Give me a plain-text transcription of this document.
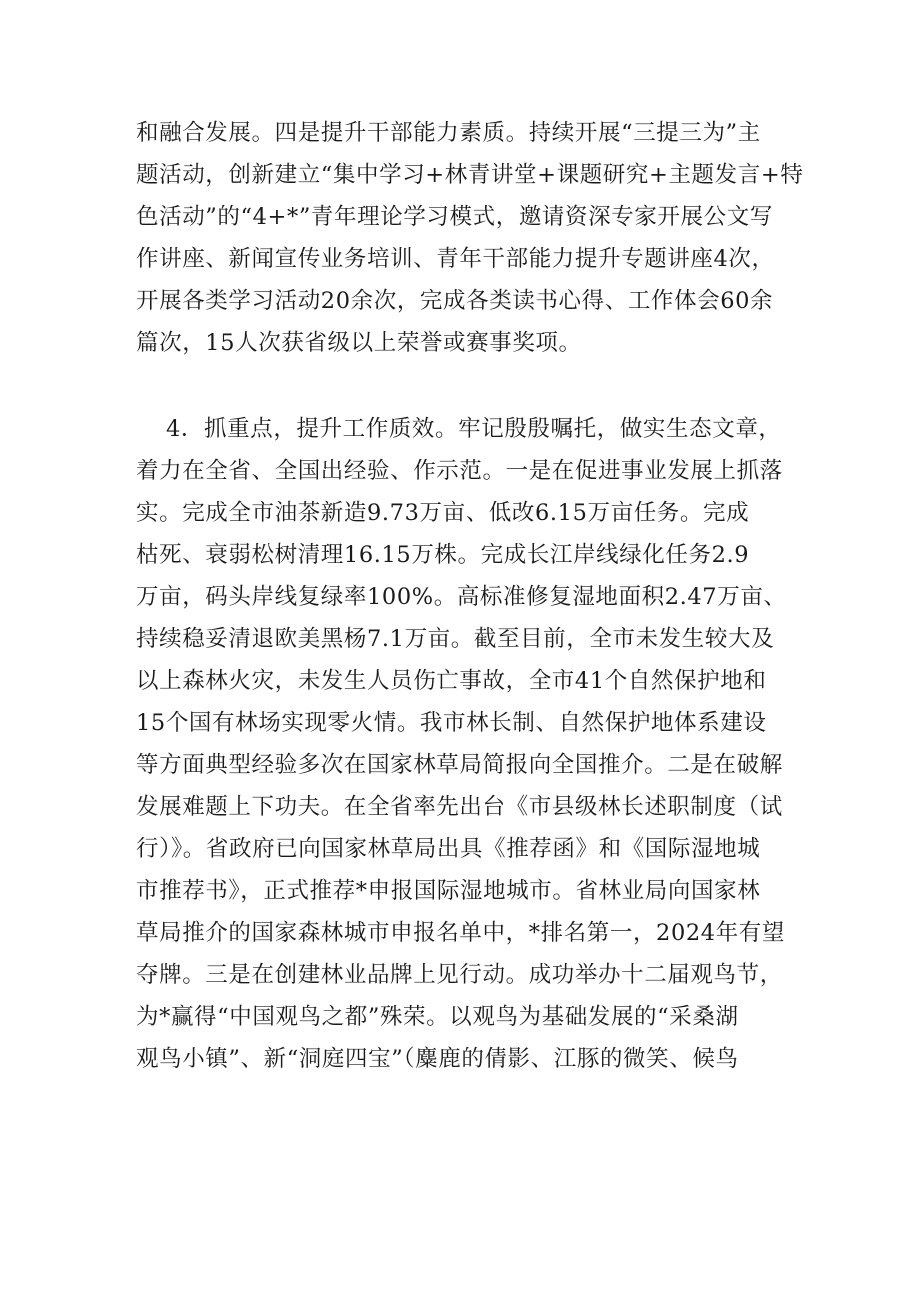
和融合发展。四是提升干部能力素质。持续开展“三提三为”主
题活动，创新建立“集中学习+林青讲堂+课题研究+主题发言+特
色活动”的“4+*”青年理论学习模式，邀请资深专家开展公文写
作讲座、新闻宣传业务培训、青年干部能力提升专题讲座4次，
开展各类学习活动20余次，完成各类读书心得、工作体会60余
篇次，15人次获省级以上荣誉或赛事奖项。
4．抓重点，提升工作质效。牢记殷殷嘱托，做实生态文章，
着力在全省、全国出经验、作示范。一是在促进事业发展上抓落
实。完成全市油茶新造9.73万亩、低改6.15万亩任务。完成
枯死、衰弱松树清理16.15万株。完成长江岸线绿化任务2.9
万亩，码头岸线复绿率100%。高标准修复湿地面积2.47万亩、
持续稳妥清退欧美黑杨7.1万亩。截至目前，全市未发生较大及
以上森林火灾，未发生人员伤亡事故，全市41个自然保护地和
15个国有林场实现零火情。我市林长制、自然保护地体系建设
等方面典型经验多次在国家林草局简报向全国推介。二是在破解
发展难题上下功夫。在全省率先出台《市县级林长述职制度（试
行）》。省政府已向国家林草局出具《推荐函》和《国际湿地城
市推荐书》，正式推荐*申报国际湿地城市。省林业局向国家林
草局推介的国家森林城市申报名单中，*排名第一，2024年有望
夺牌。三是在创建林业品牌上见行动。成功举办十二届观鸟节，
为*赢得“中国观鸟之都”殊荣。以观鸟为基础发展的“采桑湖
观鸟小镇”、新“洞庭四宝”（麋鹿的倩影、江豚的微笑、候鸟
